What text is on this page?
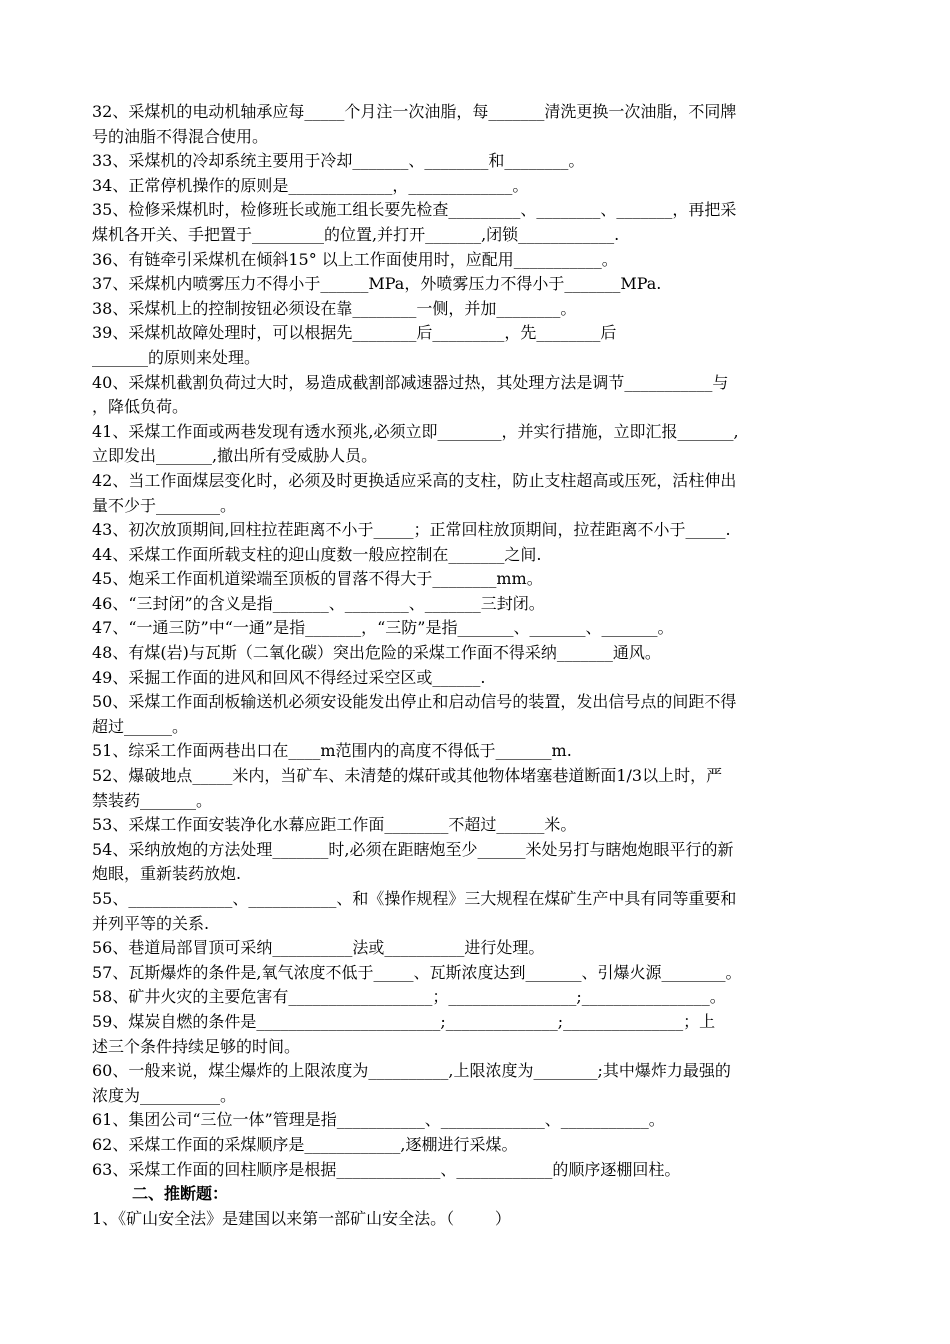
32、采煤机的电动机轴承应每_____个月注一次油脂，每_______清洗更换一次油脂，不同牌
号的油脂不得混合使用。
33、采煤机的冷却系统主要用于冷却_______、________和________。
34、正常停机操作的原则是_____________，_____________。
35、检修采煤机时，检修班长或施工组长要先检查_________、________、_______，再把采
煤机各开关、手把置于_________的位置,并打开_______,闭锁____________.
36、有链牵引采煤机在倾斜15° 以上工作面使用时，应配用___________。
37、采煤机内喷雾压力不得小于______MPa，外喷雾压力不得小于_______MPa.
38、采煤机上的控制按钮必须设在靠________一侧，并加________。
39、采煤机故障处理时，可以根据先________后_________，先________后
_______的原则来处理。
40、采煤机截割负荷过大时，易造成截割部减速器过热，其处理方法是调节___________与
，降低负荷。
41、采煤工作面或两巷发现有透水预兆,必须立即________，并实行措施，立即汇报_______,
立即发出_______,撤出所有受威胁人员。
42、当工作面煤层变化时，必须及时更换适应采高的支柱，防止支柱超高或压死，活柱伸出
量不少于________。
43、初次放顶期间,回柱拉茬距离不小于_____；正常回柱放顶期间，拉茬距离不小于_____.
44、采煤工作面所载支柱的迎山度数一般应控制在_______之间.
45、炮采工作面机道梁端至顶板的冒落不得大于________mm。
46、“三封闭”的含义是指_______、________、_______三封闭。
47、“一通三防”中“一通”是指_______，“三防”是指_______、_______、_______。
48、有煤(岩)与瓦斯（二氧化碳）突出危险的采煤工作面不得采纳_______通风。
49、采掘工作面的进风和回风不得经过采空区或______.
50、采煤工作面刮板输送机必须安设能发出停止和启动信号的装置，发出信号点的间距不得
超过______。
51、综采工作面两巷出口在____m范围内的高度不得低于_______m.
52、爆破地点_____米内，当矿车、未清楚的煤矸或其他物体堵塞巷道断面1/3以上时，严
禁装药_______。
53、采煤工作面安装净化水幕应距工作面________不超过______米。
54、采纳放炮的方法处理_______时,必须在距瞎炮至少______米处另打与瞎炮炮眼平行的新
炮眼，重新装药放炮.
55、_____________、___________、和《操作规程》三大规程在煤矿生产中具有同等重要和
并列平等的关系.
56、巷道局部冒顶可采纳__________法或__________进行处理。
57、瓦斯爆炸的条件是,氧气浓度不低于_____、瓦斯浓度达到_______、引爆火源________。
58、矿井火灾的主要危害有__________________；________________;________________。
59、煤炭自燃的条件是_______________________;______________;_______________；上
述三个条件持续足够的时间。
60、一般来说，煤尘爆炸的上限浓度为__________,上限浓度为________;其中爆炸力最强的
浓度为__________。
61、集团公司“三位一体”管理是指___________、_____________、___________。
62、采煤工作面的采煤顺序是____________,逐棚进行采煤。
63、采煤工作面的回柱顺序是根据_____________、____________的顺序逐棚回柱。
二、推断题：
1、《矿山安全法》是建国以来第一部矿山安全法。（        ）
